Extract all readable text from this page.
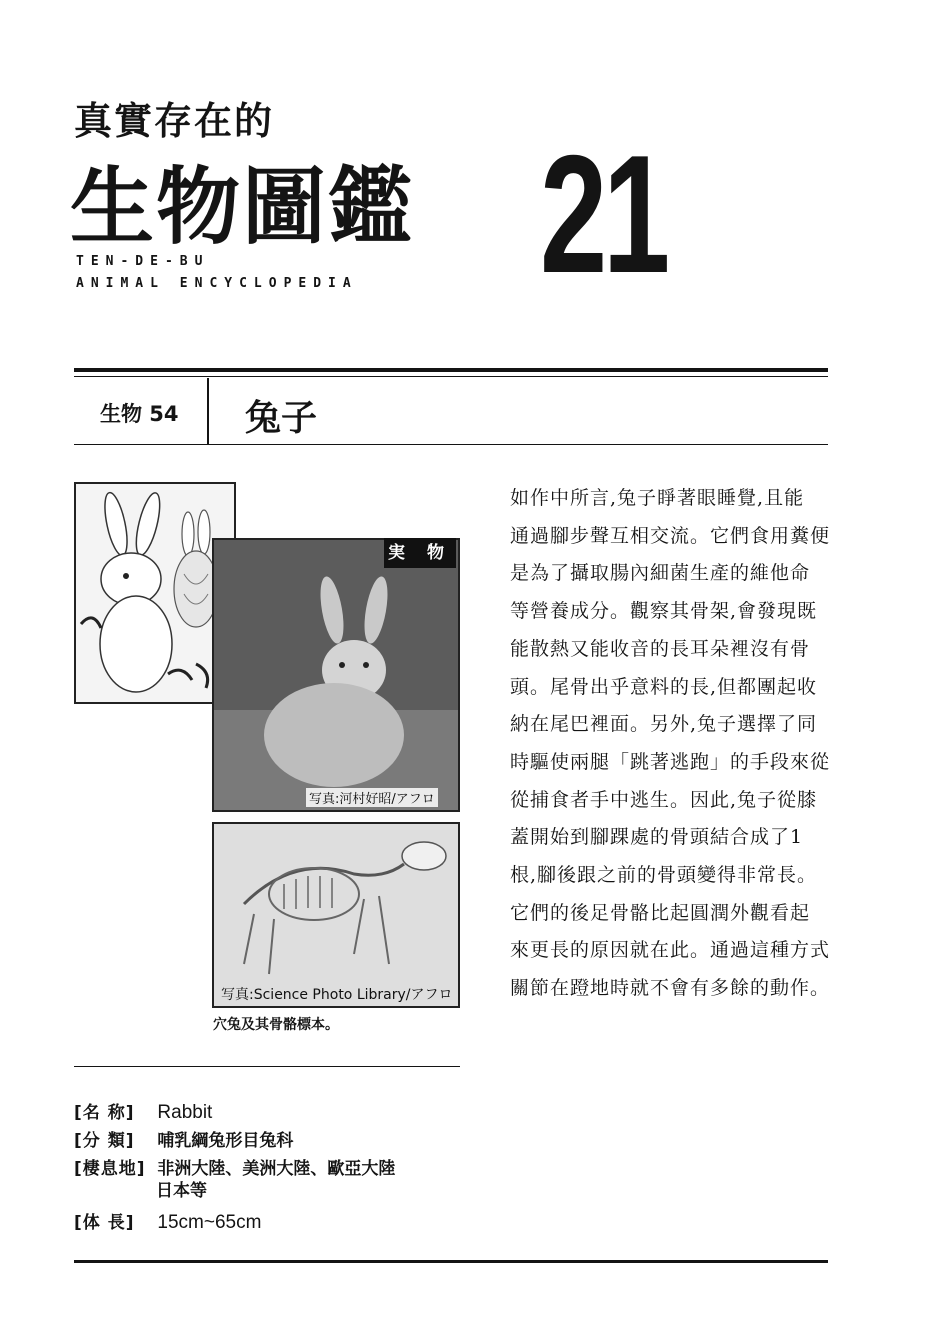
真實存在的
生物圖鑑 21
TEN-DE-BU
ANIMAL ENCYCLOPEDIA
生物 54 兔子
実 物
写真:河村好昭/アフロ
写真:Science Photo Library/アフロ
穴兔及其骨骼標本。
如作中所言,兔子睜著眼睡覺,且能
通過腳步聲互相交流。它們食用糞便
是為了攝取腸內細菌生產的維他命
等營養成分。觀察其骨架,會發現既
能散熱又能收音的長耳朵裡沒有骨
頭。尾骨出乎意料的長,但都團起收
納在尾巴裡面。另外,兔子選擇了同
時驅使兩腿「跳著逃跑」的手段來從
從捕食者手中逃生。因此,兔子從膝
蓋開始到腳踝處的骨頭結合成了1
根,腳後跟之前的骨頭變得非常長。
它們的後足骨骼比起圓潤外觀看起
來更長的原因就在此。通過這種方式
關節在蹬地時就不會有多餘的動作。
[名 称] Rabbit
[分 類] 哺乳綱兔形目兔科
[棲息地] 非洲大陸、美洲大陸、歐亞大陸
日本等
[体 長] 15cm~65cm
